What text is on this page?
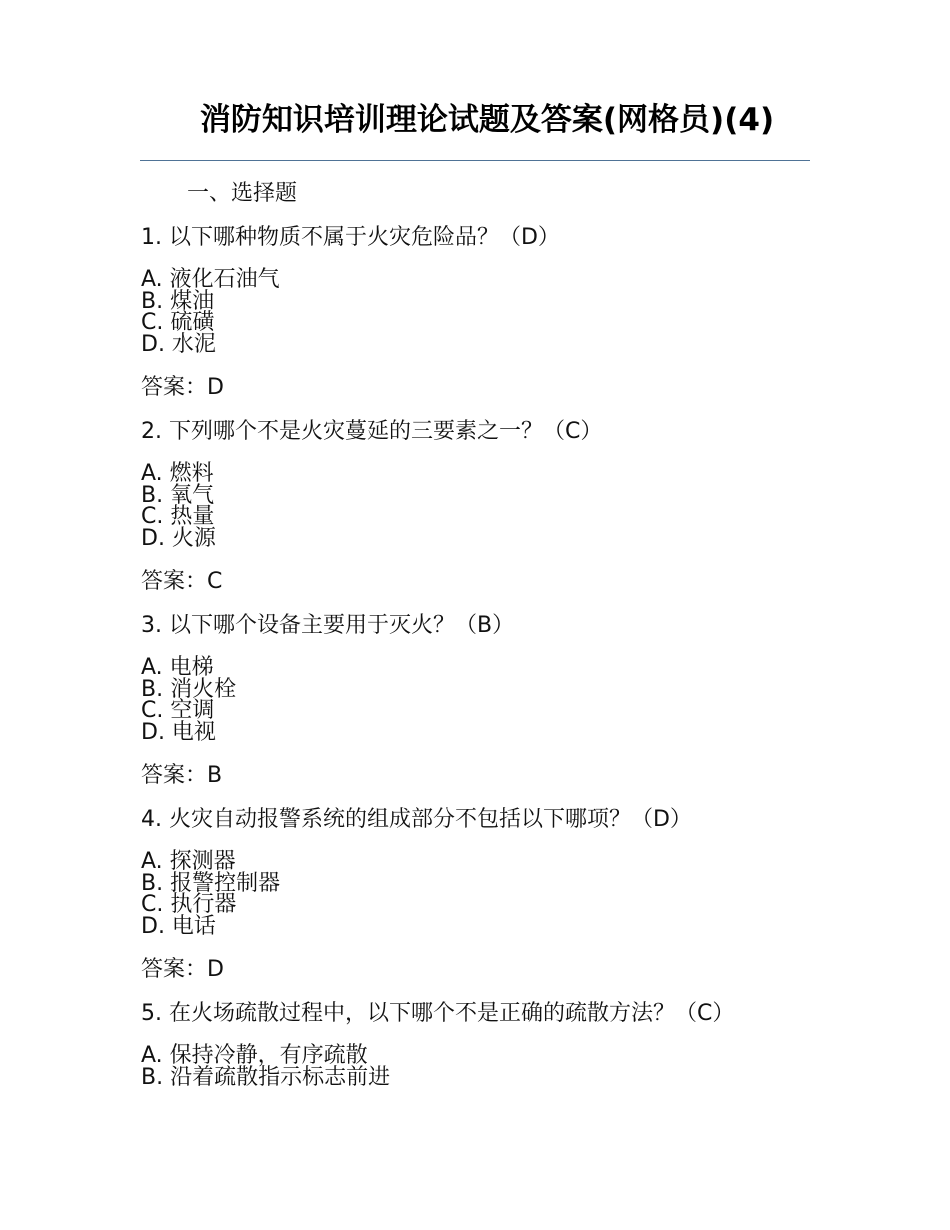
消防知识培训理论试题及答案(网格员)(4)
一、选择题
1. 以下哪种物质不属于火灾危险品？（D）
A. 液化石油气
B. 煤油
C. 硫磺
D. 水泥
答案：D
2. 下列哪个不是火灾蔓延的三要素之一？（C）
A. 燃料
B. 氧气
C. 热量
D. 火源
答案：C
3. 以下哪个设备主要用于灭火？（B）
A. 电梯
B. 消火栓
C. 空调
D. 电视
答案：B
4. 火灾自动报警系统的组成部分不包括以下哪项？（D）
A. 探测器
B. 报警控制器
C. 执行器
D. 电话
答案：D
5. 在火场疏散过程中，以下哪个不是正确的疏散方法？（C）
A. 保持冷静，有序疏散
B. 沿着疏散指示标志前进
